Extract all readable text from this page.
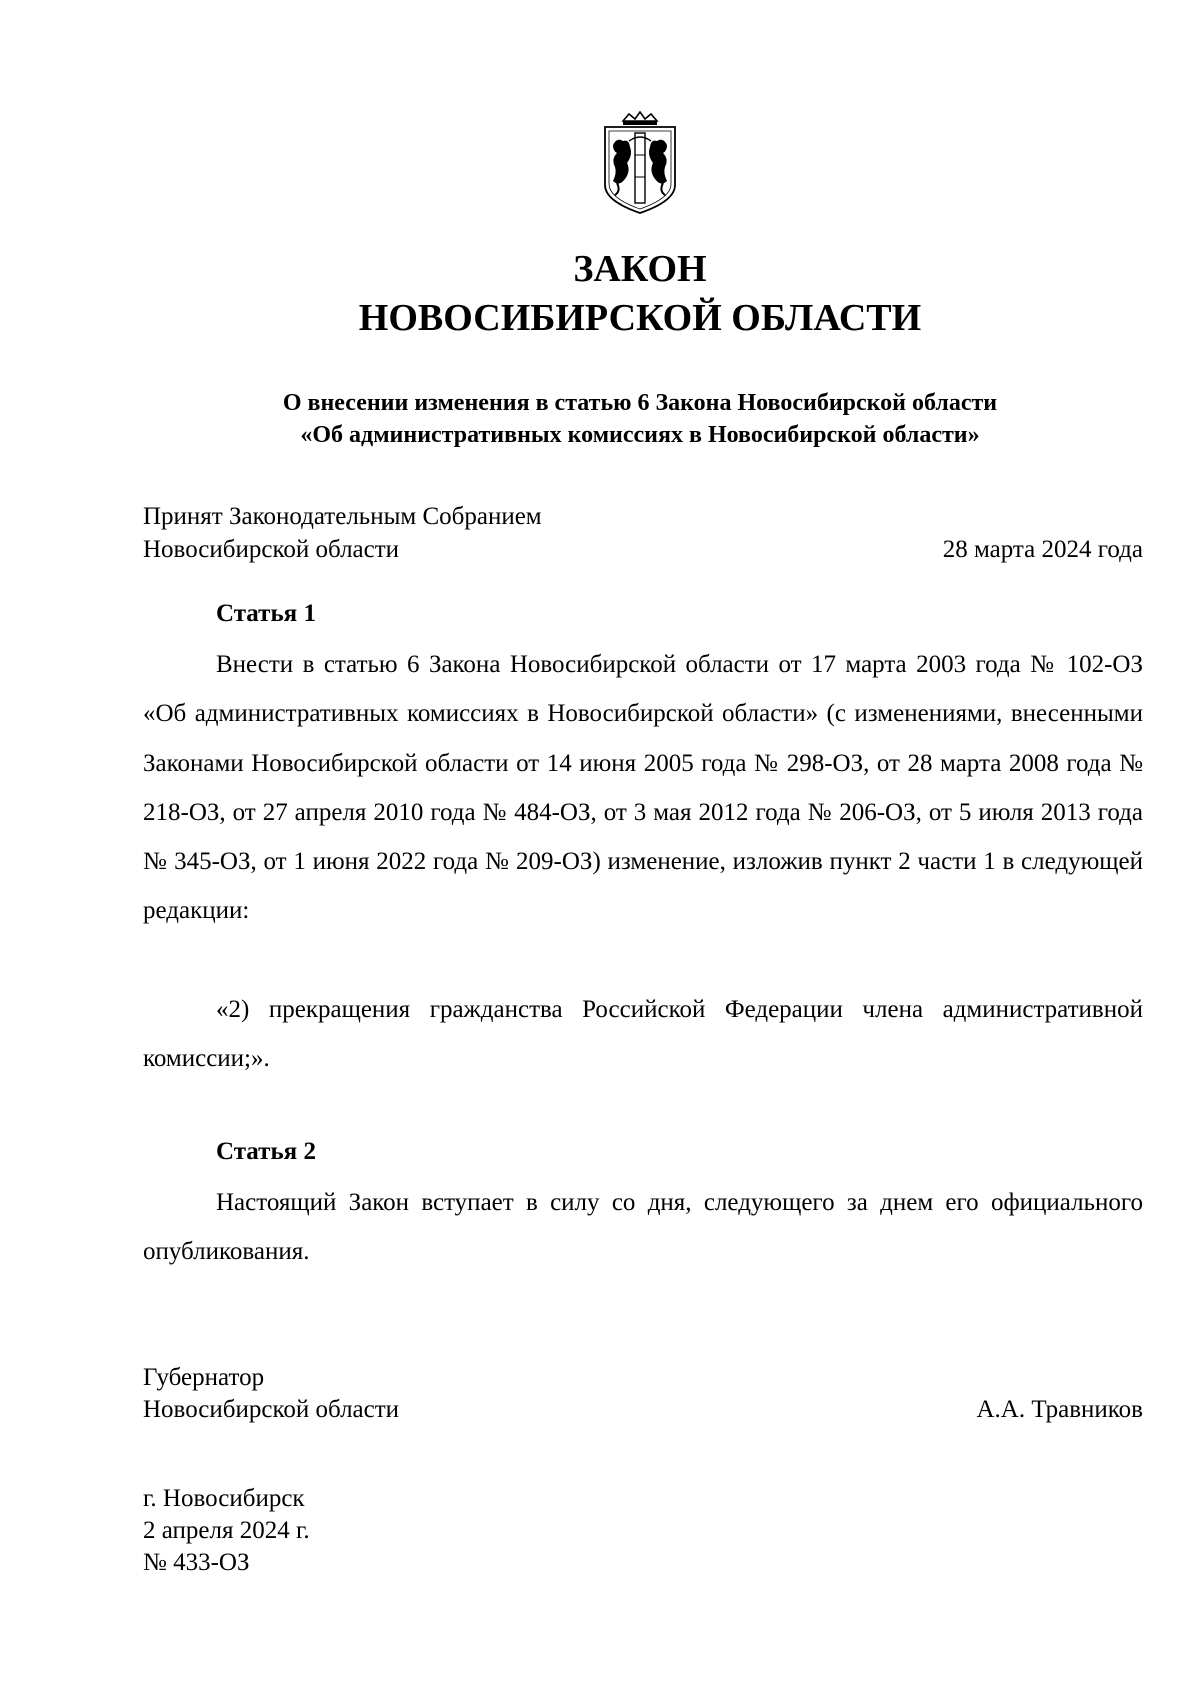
ЗАКОН
НОВОСИБИРСКОЙ ОБЛАСТИ

О внесении изменения в статью 6 Закона Новосибирской области

«Об административных комиссиях в Новосибирской области»

Принят Законодательным Собранием

Новосибирской области	28 марта 2024 года

Статья 1

Внести в статью 6 Закона Новосибирской области от 17 марта 2003 года № 102-ОЗ «Об административных комиссиях в Новосибирской области» (с изменениями, внесенными Законами Новосибирской области от 14 июня 2005 года № 298-ОЗ, от 28 марта 2008 года № 218-ОЗ, от 27 апреля 2010 года № 484-ОЗ, от 3 мая 2012 года № 206-ОЗ, от 5 июля 2013 года № 345-ОЗ, от 1 июня 2022 года № 209-ОЗ) изменение, изложив пункт 2 части 1 в следующей редакции:

«2) прекращения гражданства Российской Федерации члена административной комиссии;».

Статья 2

Настоящий Закон вступает в силу со дня, следующего за днем его официального опубликования.

Губернатор

Новосибирской области	А.А. Травников

г. Новосибирск

2 апреля 2024 г.

№ 433-ОЗ
